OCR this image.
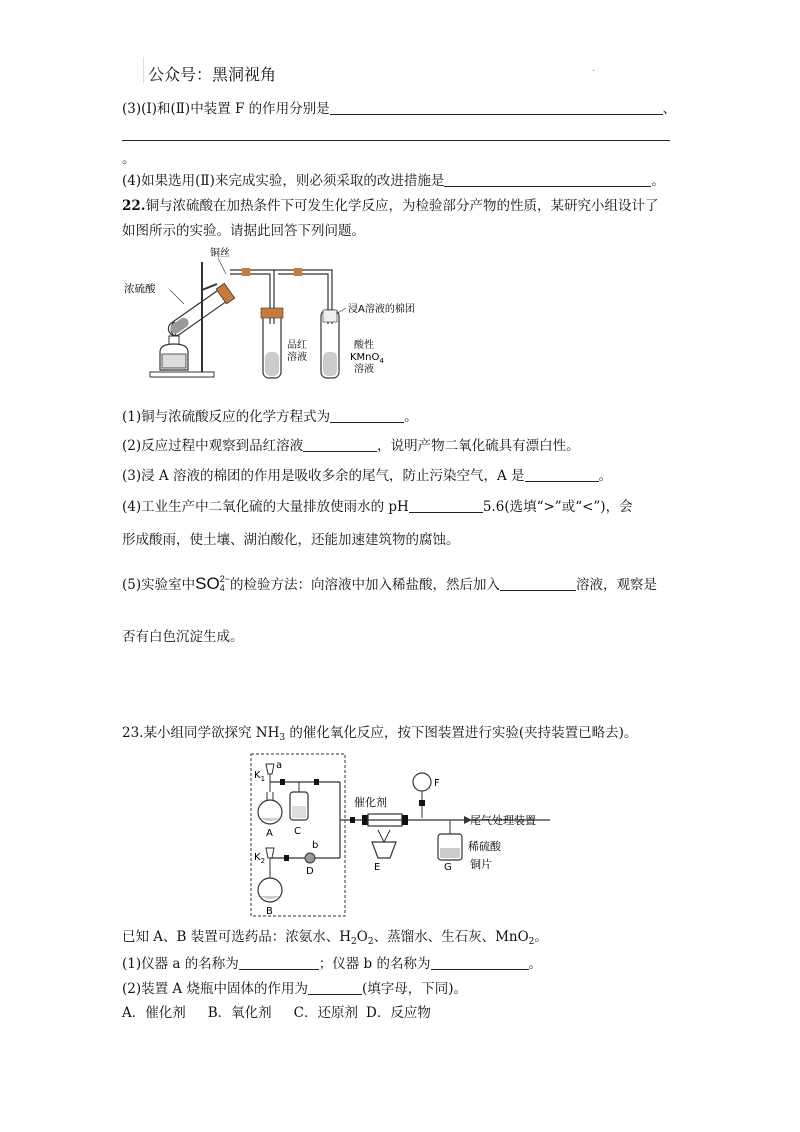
公众号：黑洞视角	·
(3)(Ⅰ)和(Ⅱ)中装置 F 的作用分别是	、
。
(4)如果选用(Ⅱ)来完成实验，则必须采取的改进措施是	。
22.铜与浓硫酸在加热条件下可发生化学反应，为检验部分产物的性质，某研究小组设计了
如图所示的实验。请据此回答下列问题。
铜丝
浓硫酸
品红
溶液
浸A溶液的棉团
酸性
KMnO$_4$
溶液
(1)铜与浓硫酸反应的化学方程式为	。
(2)反应过程中观察到品红溶液	，说明产物二氧化硫具有漂白性。
(3)浸 A 溶液的棉团的作用是吸收多余的尾气，防止污染空气，A 是	。
(4)工业生产中二氧化硫的大量排放使雨水的 pH	5.6(选填“>”或“<”)，会
形成酸雨，使土壤、湖泊酸化，还能加速建筑物的腐蚀。
(5)实验室中SO 2−
4 的检验方法：向溶液中加入稀盐酸，然后加入	溶液，观察是
否有白色沉淀生成。
23.某小组同学欲探究 $NH_3$ 的催化氧化反应，按下图装置进行实验(夹持装置已略去)。
$K_1$
a
A C
$K_2$
B
b
D
催化剂
E
F
尾气处理装置
稀硫酸
铜片
G
已知 A、B 装置可选药品：浓氨水、$H_2O_2$、蒸馏水、生石灰、MnO$_2$。
(1)仪器 a 的名称为	；仪器 b 的名称为	。
(2)装置 A 烧瓶中固体的作用为	(填字母，下同)。
A．催化剂 B．氧化剂 C．还原剂 D．反应物
